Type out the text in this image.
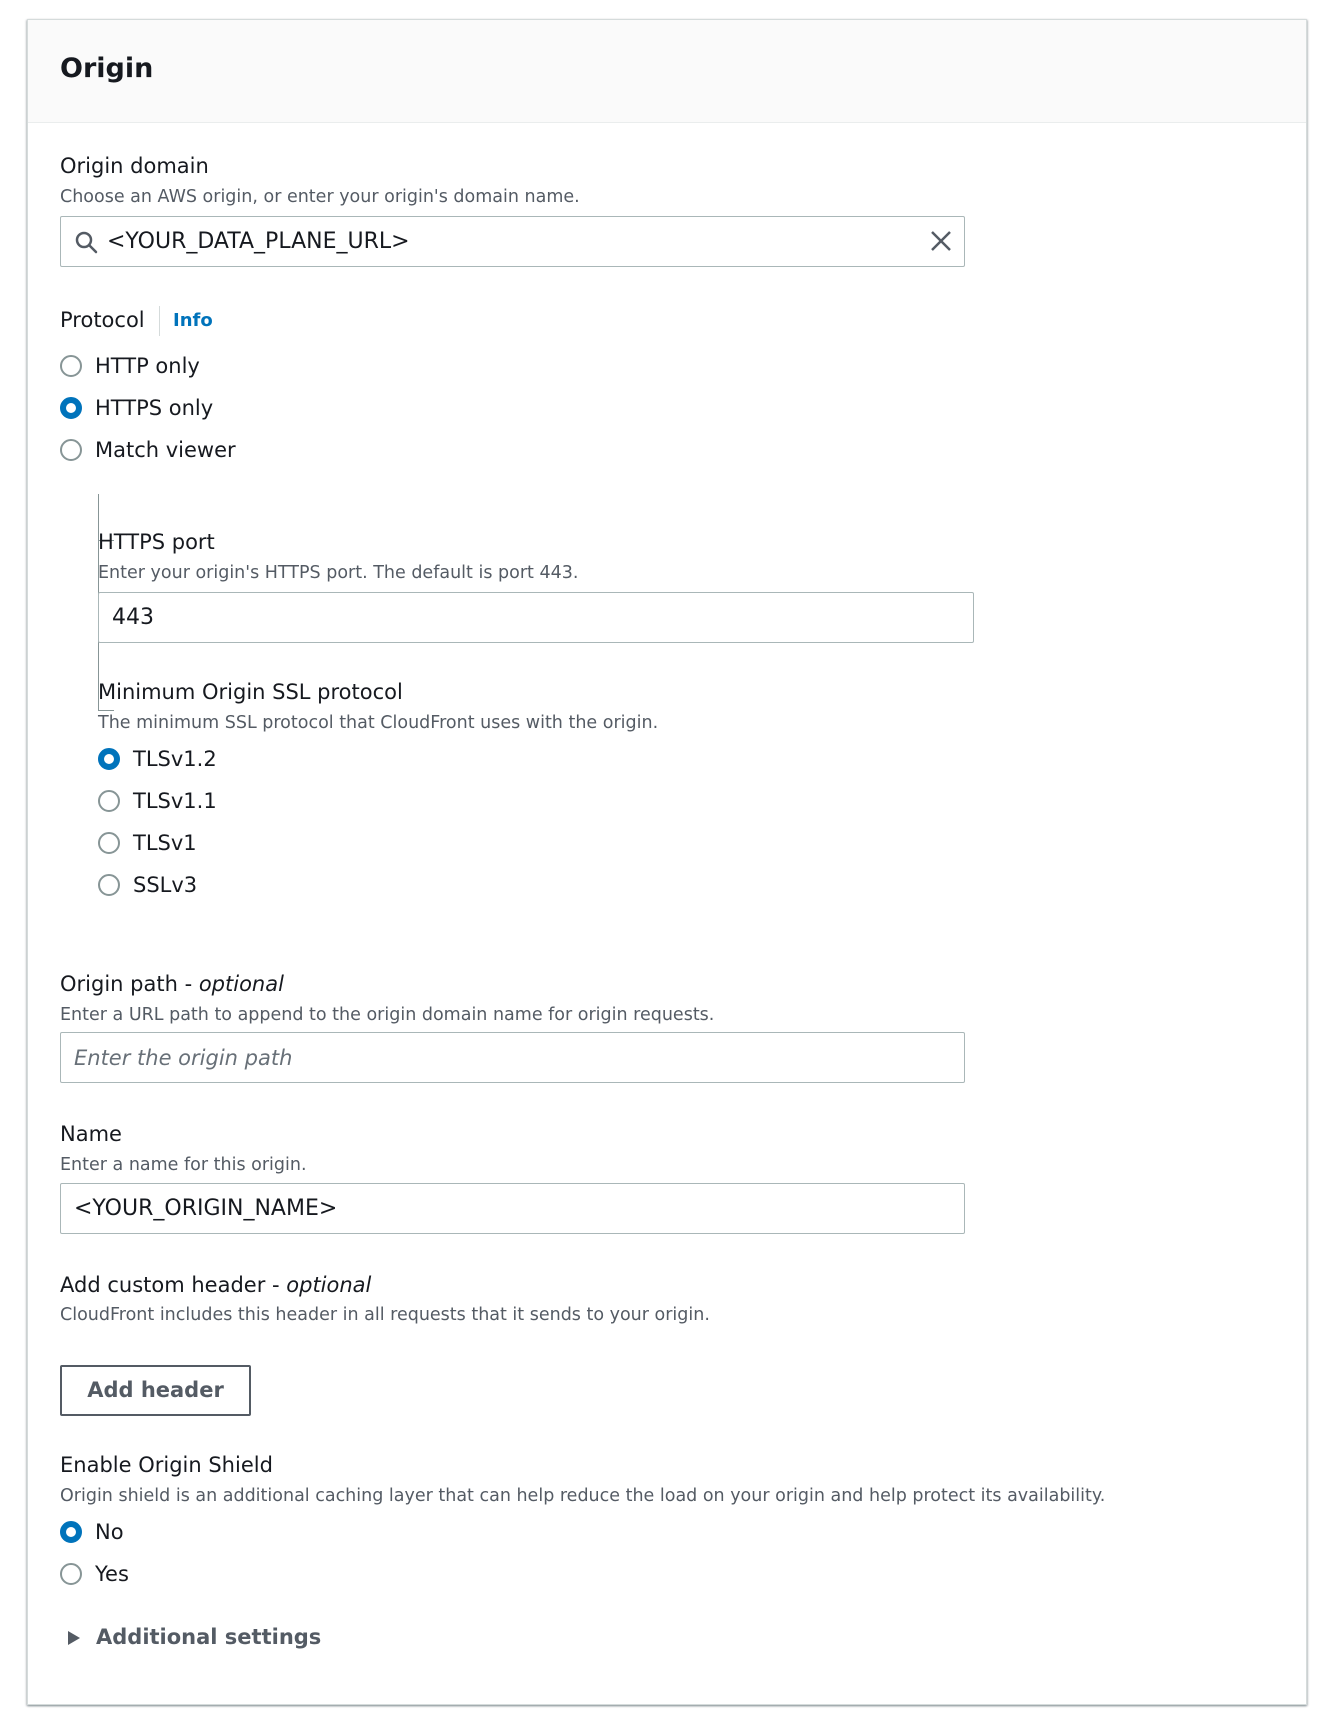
Origin
Origin domain
Choose an AWS origin, or enter your origin's domain name.
<YOUR_DATA_PLANE_URL>
Protocol Info
HTTP only
HTTPS only
Match viewer
HTTPS port
Enter your origin's HTTPS port. The default is port 443.
443
Minimum Origin SSL protocol
The minimum SSL protocol that CloudFront uses with the origin.
TLSv1.2
TLSv1.1
TLSv1
SSLv3
Origin path - optional
Enter a URL path to append to the origin domain name for origin requests.
Enter the origin path
Name
Enter a name for this origin.
<YOUR_ORIGIN_NAME>
Add custom header - optional
CloudFront includes this header in all requests that it sends to your origin.
Add header
Enable Origin Shield
Origin shield is an additional caching layer that can help reduce the load on your origin and help protect its availability.
No
Yes
Additional settings
